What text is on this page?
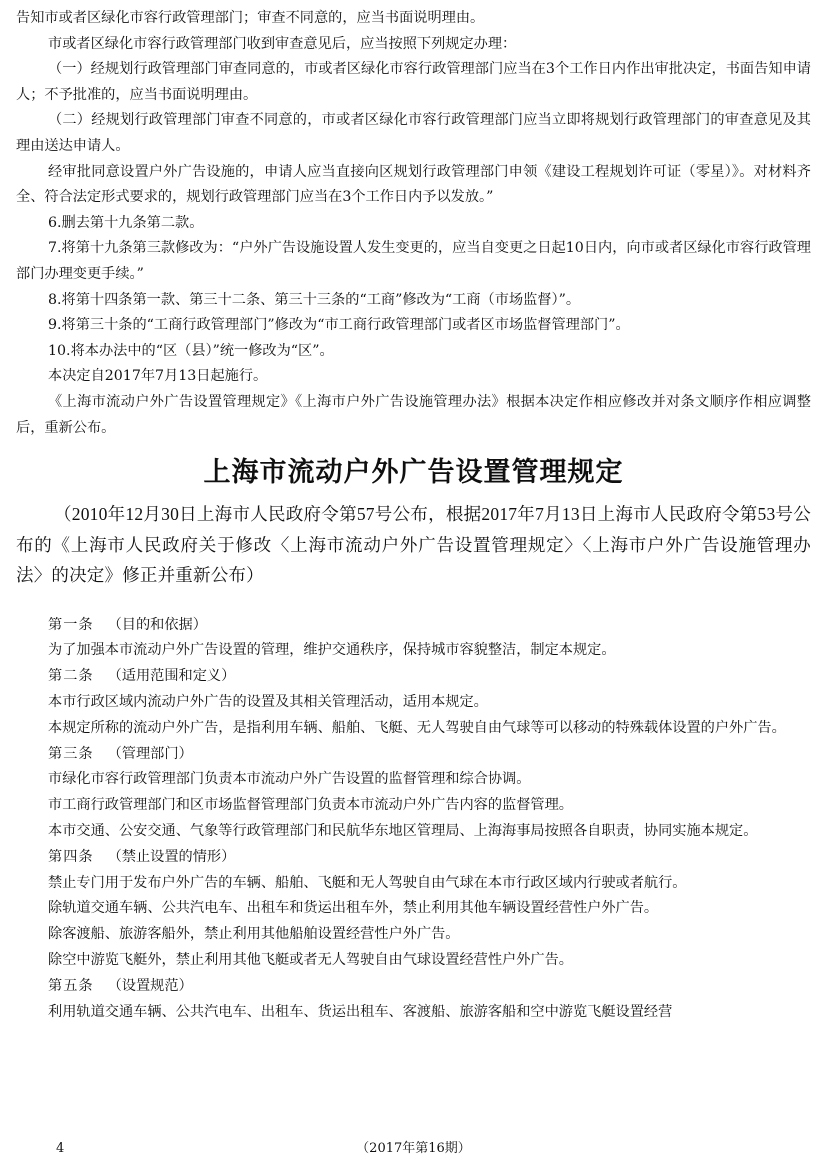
告知市或者区绿化市容行政管理部门；审查不同意的，应当书面说明理由。

市或者区绿化市容行政管理部门收到审查意见后，应当按照下列规定办理：

（一）经规划行政管理部门审查同意的，市或者区绿化市容行政管理部门应当在3个工作日内作出审批决定，书面告知申请人；不予批准的，应当书面说明理由。

（二）经规划行政管理部门审查不同意的，市或者区绿化市容行政管理部门应当立即将规划行政管理部门的审查意见及其理由送达申请人。

经审批同意设置户外广告设施的，申请人应当直接向区规划行政管理部门申领《建设工程规划许可证（零星）》。对材料齐全、符合法定形式要求的，规划行政管理部门应当在3个工作日内予以发放。”

6.删去第十九条第二款。

7.将第十九条第三款修改为：“户外广告设施设置人发生变更的，应当自变更之日起10日内，向市或者区绿化市容行政管理部门办理变更手续。”

8.将第十四条第一款、第三十二条、第三十三条的“工商”修改为“工商（市场监督）”。

9.将第三十条的“工商行政管理部门”修改为“市工商行政管理部门或者区市场监督管理部门”。

10.将本办法中的“区（县）”统一修改为“区”。

本决定自2017年7月13日起施行。

《上海市流动户外广告设置管理规定》《上海市户外广告设施管理办法》根据本决定作相应修改并对条文顺序作相应调整后，重新公布。

上海市流动户外广告设置管理规定

（2010年12月30日上海市人民政府令第57号公布，根据2017年7月13日上海市人民政府令第53号公布的《上海市人民政府关于修改〈上海市流动户外广告设置管理规定〉〈上海市户外广告设施管理办法〉的决定》修正并重新公布）

第一条 （目的和依据）

为了加强本市流动户外广告设置的管理，维护交通秩序，保持城市容貌整洁，制定本规定。

第二条 （适用范围和定义）

本市行政区域内流动户外广告的设置及其相关管理活动，适用本规定。

本规定所称的流动户外广告，是指利用车辆、船舶、飞艇、无人驾驶自由气球等可以移动的特殊载体设置的户外广告。

第三条 （管理部门）

市绿化市容行政管理部门负责本市流动户外广告设置的监督管理和综合协调。

市工商行政管理部门和区市场监督管理部门负责本市流动户外广告内容的监督管理。

本市交通、公安交通、气象等行政管理部门和民航华东地区管理局、上海海事局按照各自职责，协同实施本规定。

第四条 （禁止设置的情形）

禁止专门用于发布户外广告的车辆、船舶、飞艇和无人驾驶自由气球在本市行政区域内行驶或者航行。

除轨道交通车辆、公共汽电车、出租车和货运出租车外，禁止利用其他车辆设置经营性户外广告。

除客渡船、旅游客船外，禁止利用其他船舶设置经营性户外广告。

除空中游览飞艇外，禁止利用其他飞艇或者无人驾驶自由气球设置经营性户外广告。

第五条 （设置规范）

利用轨道交通车辆、公共汽电车、出租车、货运出租车、客渡船、旅游客船和空中游览飞艇设置经营

4	（2017年第16期）
